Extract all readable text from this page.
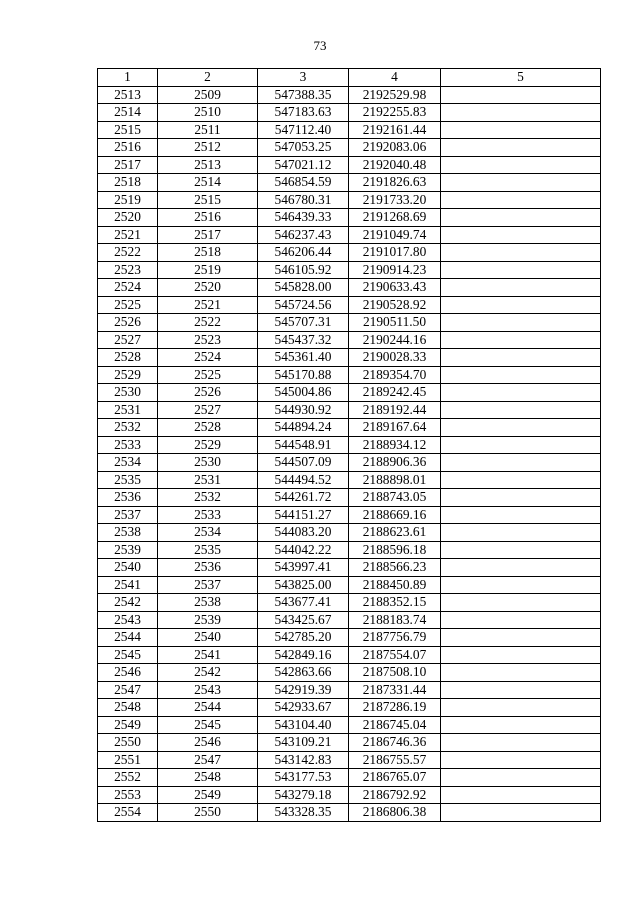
73
1	2	3	4	5
2513	2509	547388.35	2192529.98	
2514	2510	547183.63	2192255.83	
2515	2511	547112.40	2192161.44	
2516	2512	547053.25	2192083.06	
2517	2513	547021.12	2192040.48	
2518	2514	546854.59	2191826.63	
2519	2515	546780.31	2191733.20	
2520	2516	546439.33	2191268.69	
2521	2517	546237.43	2191049.74	
2522	2518	546206.44	2191017.80	
2523	2519	546105.92	2190914.23	
2524	2520	545828.00	2190633.43	
2525	2521	545724.56	2190528.92	
2526	2522	545707.31	2190511.50	
2527	2523	545437.32	2190244.16	
2528	2524	545361.40	2190028.33	
2529	2525	545170.88	2189354.70	
2530	2526	545004.86	2189242.45	
2531	2527	544930.92	2189192.44	
2532	2528	544894.24	2189167.64	
2533	2529	544548.91	2188934.12	
2534	2530	544507.09	2188906.36	
2535	2531	544494.52	2188898.01	
2536	2532	544261.72	2188743.05	
2537	2533	544151.27	2188669.16	
2538	2534	544083.20	2188623.61	
2539	2535	544042.22	2188596.18	
2540	2536	543997.41	2188566.23	
2541	2537	543825.00	2188450.89	
2542	2538	543677.41	2188352.15	
2543	2539	543425.67	2188183.74	
2544	2540	542785.20	2187756.79	
2545	2541	542849.16	2187554.07	
2546	2542	542863.66	2187508.10	
2547	2543	542919.39	2187331.44	
2548	2544	542933.67	2187286.19	
2549	2545	543104.40	2186745.04	
2550	2546	543109.21	2186746.36	
2551	2547	543142.83	2186755.57	
2552	2548	543177.53	2186765.07	
2553	2549	543279.18	2186792.92	
2554	2550	543328.35	2186806.38	
